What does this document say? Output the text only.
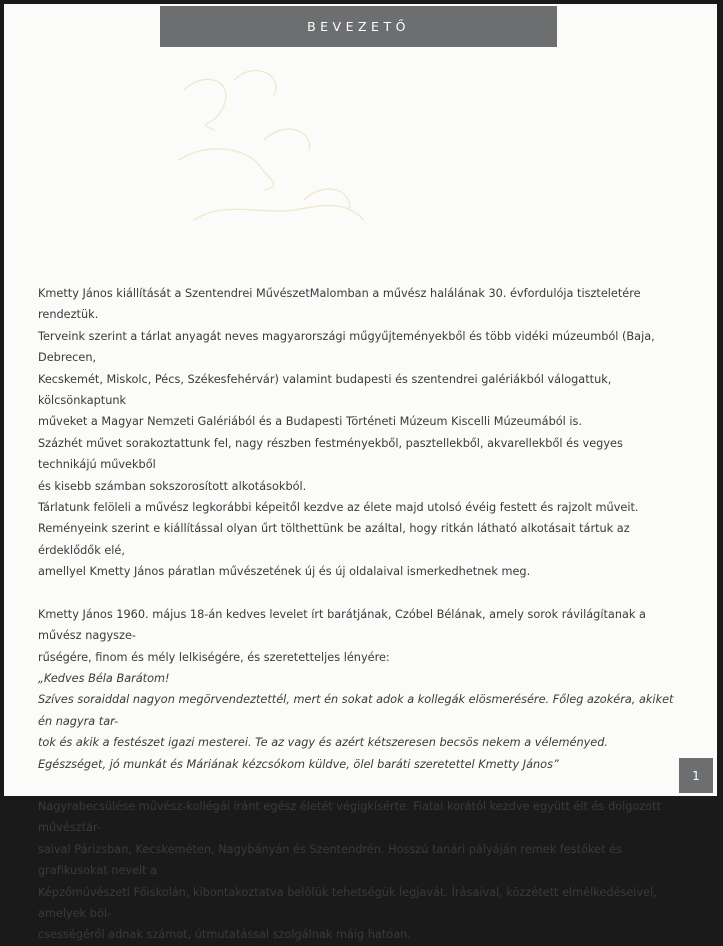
BEVEZETŐ

Kmetty János kiállítását a Szentendrei MűvészetMalomban a művész halálának 30. évfordulója tiszteletére rendeztük.

Terveink szerint a tárlat anyagát neves magyarországi műgyűjteményekből és több vidéki múzeumból (Baja, Debrecen,

Kecskemét, Miskolc, Pécs, Székesfehérvár) valamint budapesti és szentendrei galériákból válogattuk, kölcsönkaptunk

műveket a Magyar Nemzeti Galériából és a Budapesti Történeti Múzeum Kiscelli Múzeumából is.

Százhét művet sorakoztattunk fel, nagy részben festményekből, pasztellekből, akvarellekből és vegyes technikájú művekből

és kisebb számban sokszorosított alkotásokból.

Tárlatunk felöleli a művész legkorábbi képeitől kezdve az élete majd utolsó évéig festett és rajzolt műveit.

Reményeink szerint e kiállítással olyan űrt tölthettünk be azáltal, hogy ritkán látható alkotásait tártuk az érdeklődők elé,

amellyel Kmetty János páratlan művészetének új és új oldalaival ismerkedhetnek meg.

Kmetty János 1960. május 18-án kedves levelet írt barátjának, Czóbel Bélának, amely sorok rávilágítanak a művész nagysze-

rűségére, finom és mély lelkiségére, és szeretetteljes lényére:

„Kedves Béla Barátom!

Szíves soraiddal nagyon megörvendeztettél, mert én sokat adok a kollegák elösmerésére. Főleg azokéra, akiket én nagyra tar-

tok és akik a festészet igazi mesterei. Te az vagy és azért kétszeresen becsös nekem a véleményed.

Egészséget, jó munkát és Máriának kézcsókom küldve, ölel baráti szeretettel Kmetty János”

Nagyrabecsülése művész-kollégái iránt egész életét végigkísérte. Fiatal korától kezdve együtt élt és dolgozott művésztár-

saival Párizsban, Kecskeméten, Nagybányán és Szentendrén. Hosszú tanári pályáján remek festőket és grafikusokat nevelt a

Képzőművészeti Főiskolán, kibontakoztatva belőlük tehetségük legjavát. Írásaival, közzétett elmélkedéseivel, amelyek böl-

csességéről adnak számot, útmutatással szolgálnak máig hatóan.

1
